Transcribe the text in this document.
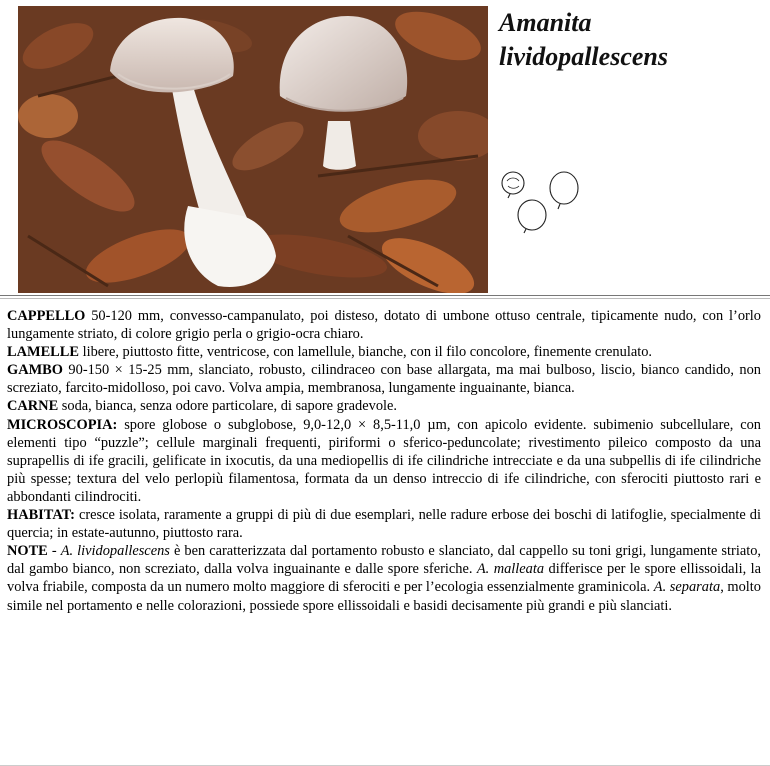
Amanita
lividopallescens

CAPPELLO 50-120 mm, convesso-campanulato, poi disteso, dotato di umbone ottuso centrale, tipicamente nudo, con l’orlo lungamente striato, di colore grigio perla o grigio-ocra chiaro.

LAMELLE libere, piuttosto fitte, ventricose, con lamellule, bianche, con il filo concolore, finemente crenulato.

GAMBO 90-150 × 15-25 mm, slanciato, robusto, cilindraceo con base allargata, ma mai bulboso, liscio, bianco candido, non screziato, farcito-midolloso, poi cavo. Volva ampia, membranosa, lungamente inguainante, bianca.

CARNE soda, bianca, senza odore particolare, di sapore gradevole.

MICROSCOPIA: spore globose o subglobose, 9,0-12,0 × 8,5-11,0 µm, con apicolo evidente. subimenio subcellulare, con elementi tipo “puzzle”; cellule marginali frequenti, piriformi o sferico-peduncolate; rivestimento pileico composto da una suprapellis di ife gracili, gelificate in ixocutis, da una mediopellis di ife cilindriche intrecciate e da una subpellis di ife cilindriche più spesse; textura del velo perlopiù filamentosa, formata da un denso intreccio di ife cilindriche, con sferociti piuttosto rari e abbondanti cilindrociti.

HABITAT: cresce isolata, raramente a gruppi di più di due esemplari, nelle radure erbose dei boschi di latifoglie, specialmente di quercia; in estate-autunno, piuttosto rara.

NOTE - A. lividopallescens è ben caratterizzata dal portamento robusto e slanciato, dal cappello su toni grigi, lungamente striato, dal gambo bianco, non screziato, dalla volva inguainante e dalle spore sferiche. A. malleata differisce per le spore ellissoidali, la volva friabile, composta da un numero molto maggiore di sferociti e per l’ecologia essenzialmente graminicola. A. separata, molto simile nel portamento e nelle colorazioni, possiede spore ellissoidali e basidi decisamente più grandi e più slanciati.
